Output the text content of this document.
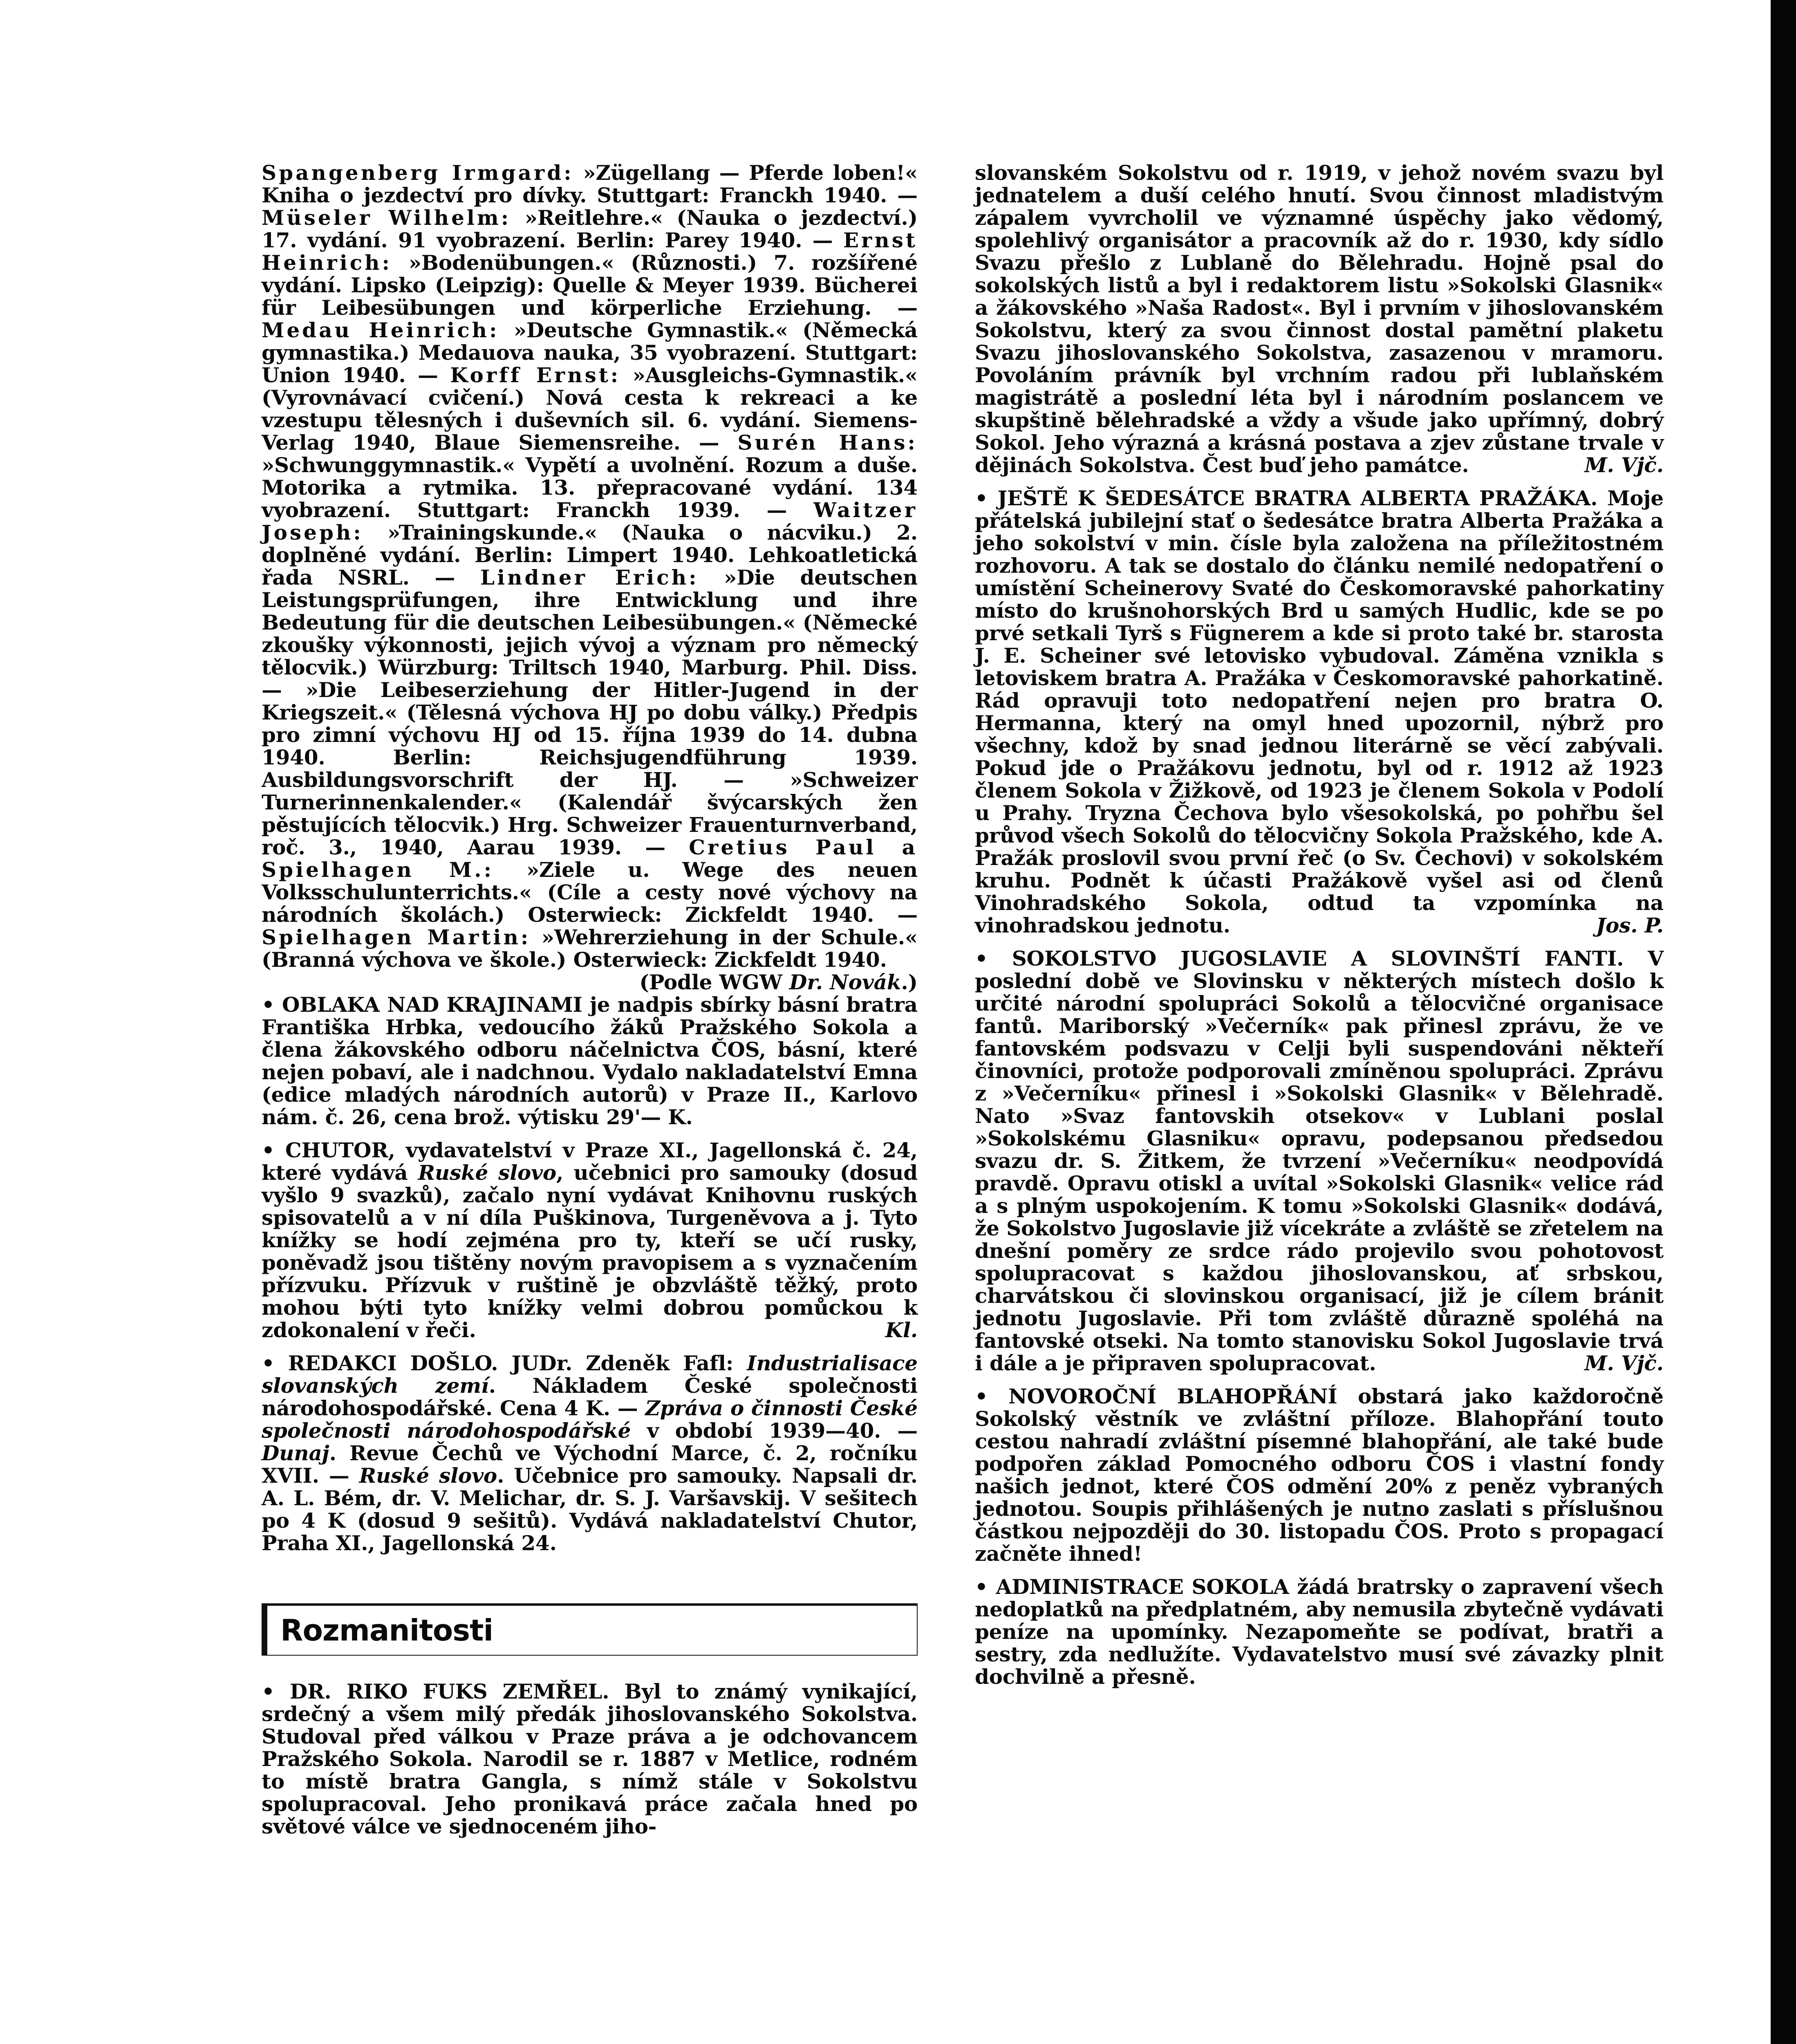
Spangenberg Irmgard: »Zügellang — Pferde loben!« Kniha o jezdectví pro dívky. Stuttgart: Franckh 1940. — Müseler Wilhelm: »Reitlehre.« (Nauka o jezdectví.) 17. vydání. 91 vyobrazení. Berlin: Parey 1940. — Ernst Heinrich: »Bodenübungen.« (Různosti.) 7. rozšířené vydání. Lipsko (Leipzig): Quelle & Meyer 1939. Bücherei für Leibesübungen und körperliche Erziehung. — Medau Heinrich: »Deutsche Gymnastik.« (Německá gymnastika.) Medauova nauka, 35 vyobrazení. Stuttgart: Union 1940. — Korff Ernst: »Ausgleichs-Gymnastik.« (Vyrovnávací cvičení.) Nová cesta k rekreaci a ke vzestupu tělesných i duševních sil. 6. vydání. Siemens-Verlag 1940, Blaue Siemensreihe. — Surén Hans: »Schwunggymnastik.« Vypětí a uvolnění. Rozum a duše. Motorika a rytmika. 13. přepracované vydání. 134 vyobrazení. Stuttgart: Franckh 1939. — Waitzer Joseph: »Trainingskunde.« (Nauka o nácviku.) 2. doplněné vydání. Berlin: Limpert 1940. Lehkoatletická řada NSRL. — Lindner Erich: »Die deutschen Leistungsprüfungen, ihre Entwicklung und ihre Bedeutung für die deutschen Leibesübungen.« (Německé zkoušky výkonnosti, jejich vývoj a význam pro německý tělocvik.) Würzburg: Triltsch 1940, Marburg. Phil. Diss. — »Die Leibeserziehung der Hitler-Jugend in der Kriegszeit.« (Tělesná výchova HJ po dobu války.) Předpis pro zimní výchovu HJ od 15. října 1939 do 14. dubna 1940. Berlin: Reichsjugendführung 1939. Ausbildungsvorschrift der HJ. — »Schweizer Turnerinnenkalender.« (Kalendář švýcarských žen pěstujících tělocvik.) Hrg. Schweizer Frauenturnverband, roč. 3., 1940, Aarau 1939. — Cretius Paul a Spielhagen M.: »Ziele u. Wege des neuen Volksschulunterrichts.« (Cíle a cesty nové výchovy na národních školách.) Osterwieck: Zickfeldt 1940. — Spielhagen Martin: »Wehrerziehung in der Schule.« (Branná výchova ve škole.) Osterwieck: Zickfeldt 1940.
(Podle WGW Dr. Novák.)

• OBLAKA NAD KRAJINAMI je nadpis sbírky básní bratra Františka Hrbka, vedoucího žáků Pražského Sokola a člena žákovského odboru náčelnictva ČOS, básní, které nejen pobaví, ale i nadchnou. Vydalo nakladatelství Emna (edice mladých národních autorů) v Praze II., Karlovo nám. č. 26, cena brož. výtisku 29'— K.

• CHUTOR, vydavatelství v Praze XI., Jagellonská č. 24, které vydává Ruské slovo, učebnici pro samouky (dosud vyšlo 9 svazků), začalo nyní vydávat Knihovnu ruských spisovatelů a v ní díla Puškinova, Turgeněvova a j. Tyto knížky se hodí zejména pro ty, kteří se učí rusky, poněvadž jsou tištěny novým pravopisem a s vyznačením přízvuku. Přízvuk v ruštině je obzvláště těžký, proto mohou býti tyto knížky velmi dobrou pomůckou k zdokonalení v řeči.	Kl.

• REDAKCI DOŠLO. JUDr. Zdeněk Fafl: Industrialisace slovanských zemí. Nákladem České společnosti národohospodářské. Cena 4 K. — Zpráva o činnosti České společnosti národohospodářské v období 1939—40. — Dunaj. Revue Čechů ve Východní Marce, č. 2, ročníku XVII. — Ruské slovo. Učebnice pro samouky. Napsali dr. A. L. Bém, dr. V. Melichar, dr. S. J. Varšavskij. V sešitech po 4 K (dosud 9 sešitů). Vydává nakladatelství Chutor, Praha XI., Jagellonská 24.

Rozmanitosti

• DR. RIKO FUKS ZEMŘEL. Byl to známý vynikající, srdečný a všem milý předák jihoslovanského Sokolstva. Studoval před válkou v Praze práva a je odchovancem Pražského Sokola. Narodil se r. 1887 v Metlice, rodném to místě bratra Gangla, s nímž stále v Sokolstvu spolupracoval. Jeho pronikavá práce začala hned po světové válce ve sjednoceném jiho-

slovanském Sokolstvu od r. 1919, v jehož novém svazu byl jednatelem a duší celého hnutí. Svou činnost mladistvým zápalem vyvrcholil ve významné úspěchy jako vědomý, spolehlivý organisátor a pracovník až do r. 1930, kdy sídlo Svazu přešlo z Lublaně do Bělehradu. Hojně psal do sokolských listů a byl i redaktorem listu »Sokolski Glasnik« a žákovského »Naša Radost«. Byl i prvním v jihoslovanském Sokolstvu, který za svou činnost dostal pamětní plaketu Svazu jihoslovanského Sokolstva, zasazenou v mramoru. Povoláním právník byl vrchním radou při lublaňském magistrátě a poslední léta byl i národním poslancem ve skupštině bělehradské a vždy a všude jako upřímný, dobrý Sokol. Jeho výrazná a krásná postava a zjev zůstane trvale v dějinách Sokolstva. Čest buď jeho památce.	M. Vjč.

• JEŠTĚ K ŠEDESÁTCE BRATRA ALBERTA PRAŽÁKA. Moje přátelská jubilejní stať o šedesátce bratra Alberta Pražáka a jeho sokolství v min. čísle byla založena na příležitostném rozhovoru. A tak se dostalo do článku nemilé nedopatření o umístění Scheinerovy Svaté do Českomoravské pahorkatiny místo do krušnohorských Brd u samých Hudlic, kde se po prvé setkali Tyrš s Fügnerem a kde si proto také br. starosta J. E. Scheiner své letovisko vybudoval. Záměna vznikla s letoviskem bratra A. Pražáka v Českomoravské pahorkatině. Rád opravuji toto nedopatření nejen pro bratra O. Hermanna, který na omyl hned upozornil, nýbrž pro všechny, kdož by snad jednou literárně se věcí zabývali. Pokud jde o Pražákovu jednotu, byl od r. 1912 až 1923 členem Sokola v Žižkově, od 1923 je členem Sokola v Podolí u Prahy. Tryzna Čechova bylo všesokolská, po pohřbu šel průvod všech Sokolů do tělocvičny Sokola Pražského, kde A. Pražák proslovil svou první řeč (o Sv. Čechovi) v sokolském kruhu. Podnět k účasti Pražákově vyšel asi od členů Vinohradského Sokola, odtud ta vzpomínka na vinohradskou jednotu.	Jos. P.

• SOKOLSTVO JUGOSLAVIE A SLOVINŠTÍ FANTI. V poslední době ve Slovinsku v některých místech došlo k určité národní spolupráci Sokolů a tělocvičné organisace fantů. Mariborský »Večerník« pak přinesl zprávu, že ve fantovském podsvazu v Celji byli suspendováni někteří činovníci, protože podporovali zmíněnou spolupráci. Zprávu z »Večerníku« přinesl i »Sokolski Glasnik« v Bělehradě. Nato »Svaz fantovskih otsekov« v Lublani poslal »Sokolskému Glasniku« opravu, podepsanou předsedou svazu dr. S. Žitkem, že tvrzení »Večerníku« neodpovídá pravdě. Opravu otiskl a uvítal »Sokolski Glasnik« velice rád a s plným uspokojením. K tomu »Sokolski Glasnik« dodává, že Sokolstvo Jugoslavie již vícekráte a zvláště se zřetelem na dnešní poměry ze srdce rádo projevilo svou pohotovost spolupracovat s každou jihoslovanskou, ať srbskou, charvátskou či slovinskou organisací, již je cílem bránit jednotu Jugoslavie. Při tom zvláště důrazně spoléhá na fantovské otseki. Na tomto stanovisku Sokol Jugoslavie trvá i dále a je připraven spolupracovat.	M. Vjč.

• NOVOROČNÍ BLAHOPŘÁNÍ obstará jako každoročně Sokolský věstník ve zvláštní příloze. Blahopřání touto cestou nahradí zvláštní písemné blahopřání, ale také bude podpořen základ Pomocného odboru ČOS i vlastní fondy našich jednot, které ČOS odmění 20% z peněz vybraných jednotou. Soupis přihlášených je nutno zaslati s příslušnou částkou nejpozději do 30. listopadu ČOS. Proto s propagací začněte ihned!

• ADMINISTRACE SOKOLA žádá bratrsky o zapravení všech nedoplatků na předplatném, aby nemusila zbytečně vydávati peníze na upomínky. Nezapomeňte se podívat, bratři a sestry, zda nedlužíte. Vydavatelstvo musí své závazky plnit dochvilně a přesně.
